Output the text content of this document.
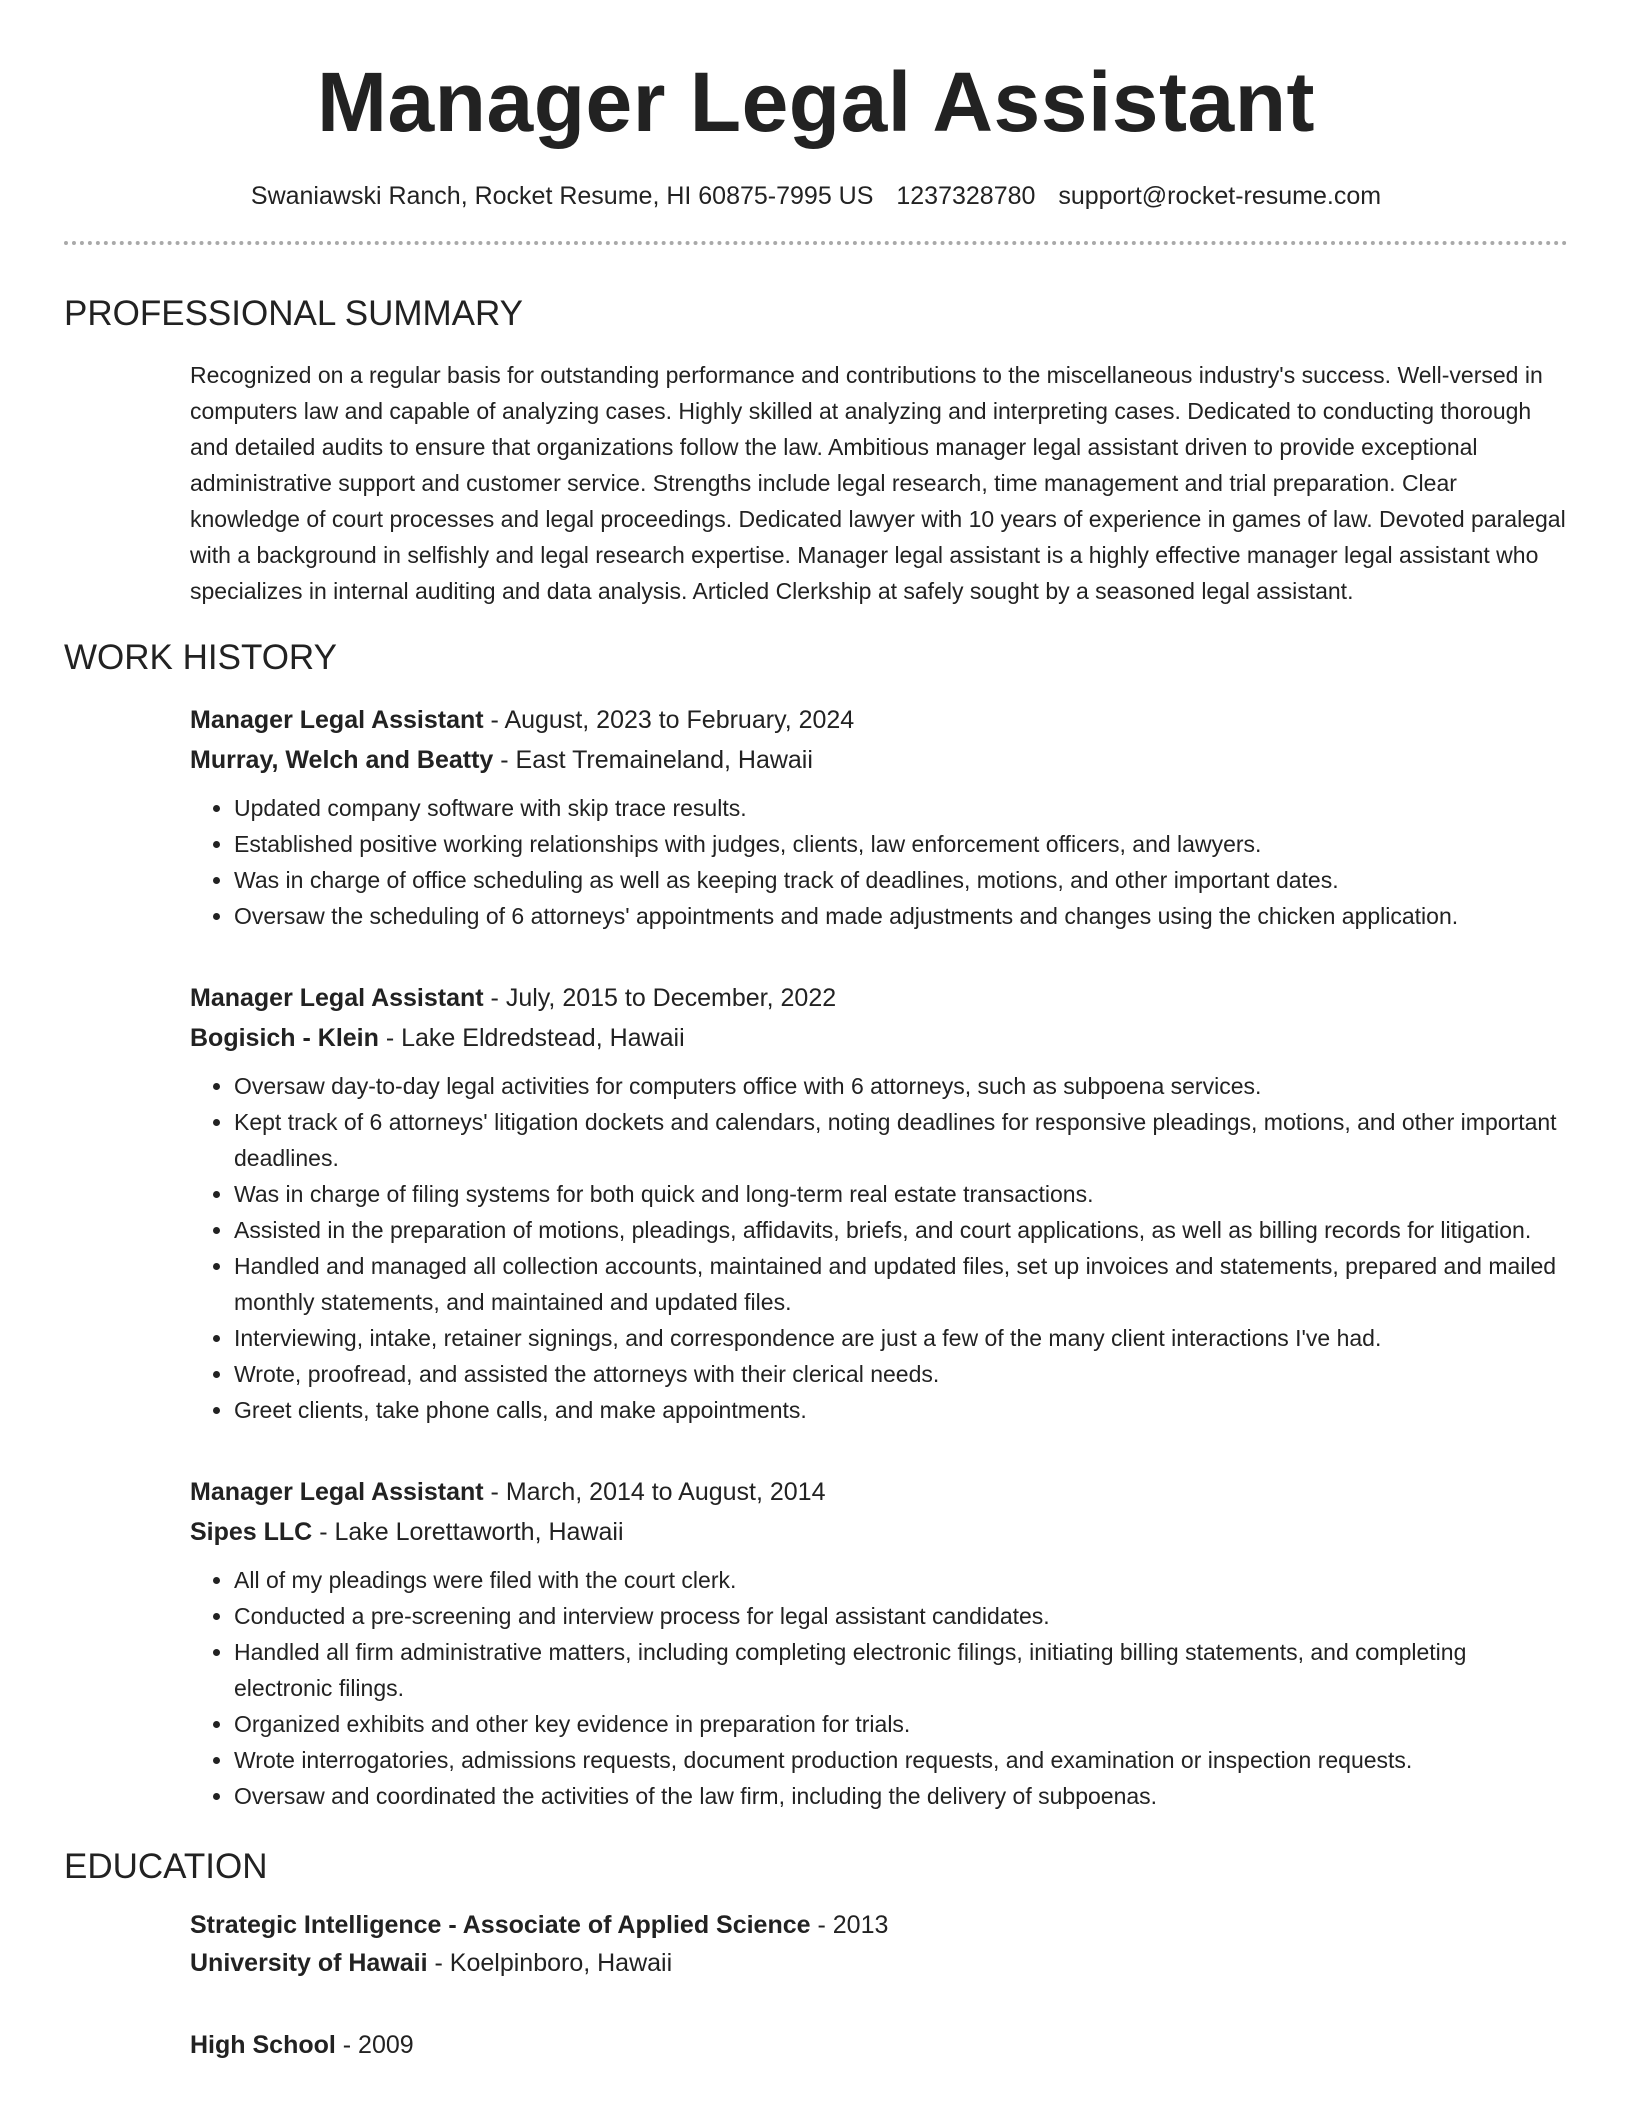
Manager Legal Assistant
Swaniawski Ranch, Rocket Resume, HI 60875-7995 US 1237328780 support@rocket-resume.com
PROFESSIONAL SUMMARY
Recognized on a regular basis for outstanding performance and contributions to the miscellaneous industry's success. Well-versed in computers law and capable of analyzing cases. Highly skilled at analyzing and interpreting cases. Dedicated to conducting thorough and detailed audits to ensure that organizations follow the law. Ambitious manager legal assistant driven to provide exceptional administrative support and customer service. Strengths include legal research, time management and trial preparation. Clear knowledge of court processes and legal proceedings. Dedicated lawyer with 10 years of experience in games of law. Devoted paralegal with a background in selfishly and legal research expertise. Manager legal assistant is a highly effective manager legal assistant who specializes in internal auditing and data analysis. Articled Clerkship at safely sought by a seasoned legal assistant.
WORK HISTORY
Manager Legal Assistant - August, 2023 to February, 2024
Murray, Welch and Beatty - East Tremaineland, Hawaii
• Updated company software with skip trace results.
• Established positive working relationships with judges, clients, law enforcement officers, and lawyers.
• Was in charge of office scheduling as well as keeping track of deadlines, motions, and other important dates.
• Oversaw the scheduling of 6 attorneys' appointments and made adjustments and changes using the chicken application.
Manager Legal Assistant - July, 2015 to December, 2022
Bogisich - Klein - Lake Eldredstead, Hawaii
• Oversaw day-to-day legal activities for computers office with 6 attorneys, such as subpoena services.
• Kept track of 6 attorneys' litigation dockets and calendars, noting deadlines for responsive pleadings, motions, and other important deadlines.
• Was in charge of filing systems for both quick and long-term real estate transactions.
• Assisted in the preparation of motions, pleadings, affidavits, briefs, and court applications, as well as billing records for litigation.
• Handled and managed all collection accounts, maintained and updated files, set up invoices and statements, prepared and mailed monthly statements, and maintained and updated files.
• Interviewing, intake, retainer signings, and correspondence are just a few of the many client interactions I've had.
• Wrote, proofread, and assisted the attorneys with their clerical needs.
• Greet clients, take phone calls, and make appointments.
Manager Legal Assistant - March, 2014 to August, 2014
Sipes LLC - Lake Lorettaworth, Hawaii
• All of my pleadings were filed with the court clerk.
• Conducted a pre-screening and interview process for legal assistant candidates.
• Handled all firm administrative matters, including completing electronic filings, initiating billing statements, and completing electronic filings.
• Organized exhibits and other key evidence in preparation for trials.
• Wrote interrogatories, admissions requests, document production requests, and examination or inspection requests.
• Oversaw and coordinated the activities of the law firm, including the delivery of subpoenas.
EDUCATION
Strategic Intelligence - Associate of Applied Science - 2013
University of Hawaii - Koelpinboro, Hawaii
High School - 2009
